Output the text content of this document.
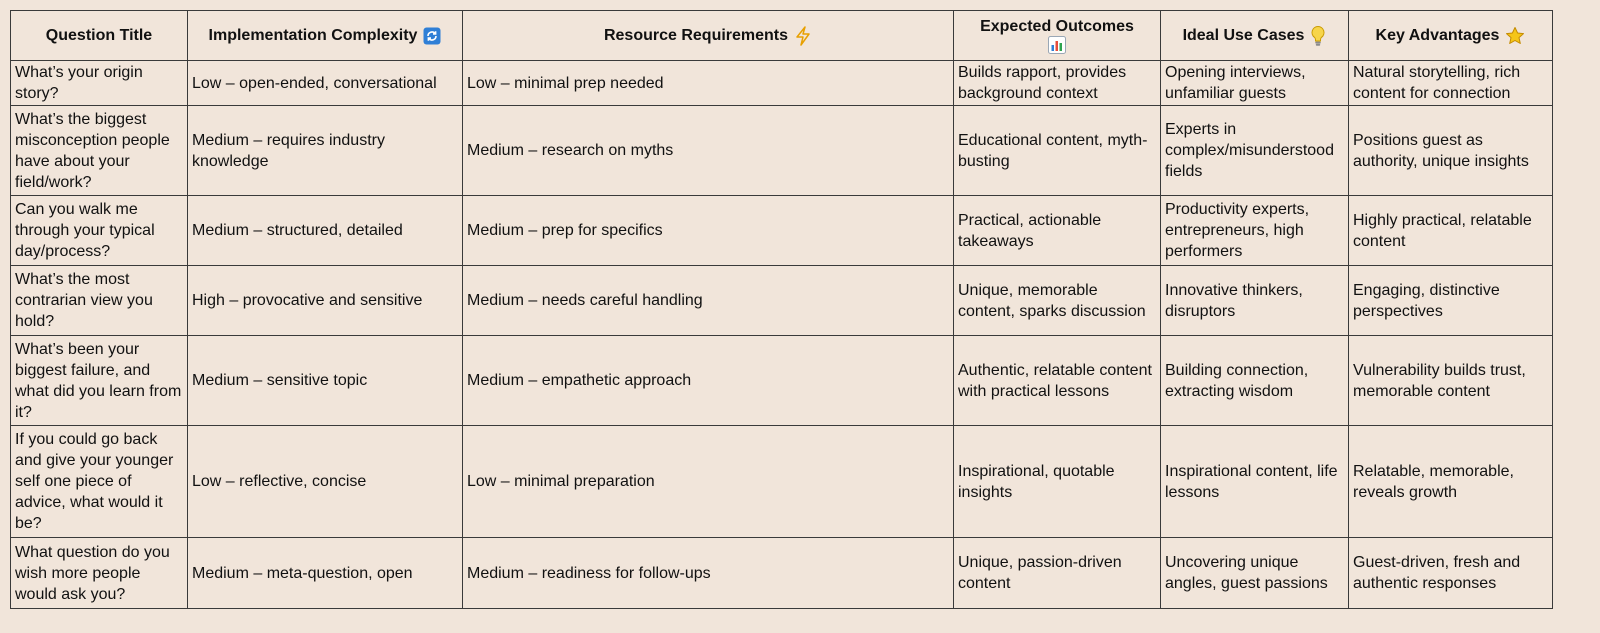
Question Title	Implementation Complexity	Resource Requirements	Expected Outcomes	Ideal Use Cases	Key Advantages

What’s your origin story?	Low – open-ended, conversational	Low – minimal prep needed	Builds rapport, provides background context	Opening interviews, unfamiliar guests	Natural storytelling, rich content for connection
What’s the biggest misconception people have about your field/work?	Medium – requires industry knowledge	Medium – research on myths	Educational content, myth-busting	Experts in complex/misunderstood fields	Positions guest as authority, unique insights
Can you walk me through your typical day/process?	Medium – structured, detailed	Medium – prep for specifics	Practical, actionable takeaways	Productivity experts, entrepreneurs, high performers	Highly practical, relatable content
What’s the most contrarian view you hold?	High – provocative and sensitive	Medium – needs careful handling	Unique, memorable content, sparks discussion	Innovative thinkers, disruptors	Engaging, distinctive perspectives
What’s been your biggest failure, and what did you learn from it?	Medium – sensitive topic	Medium – empathetic approach	Authentic, relatable content with practical lessons	Building connection, extracting wisdom	Vulnerability builds trust, memorable content
If you could go back and give your younger self one piece of advice, what would it be?	Low – reflective, concise	Low – minimal preparation	Inspirational, quotable insights	Inspirational content, life lessons	Relatable, memorable, reveals growth
What question do you wish more people would ask you?	Medium – meta-question, open	Medium – readiness for follow-ups	Unique, passion-driven content	Uncovering unique angles, guest passions	Guest-driven, fresh and authentic responses
